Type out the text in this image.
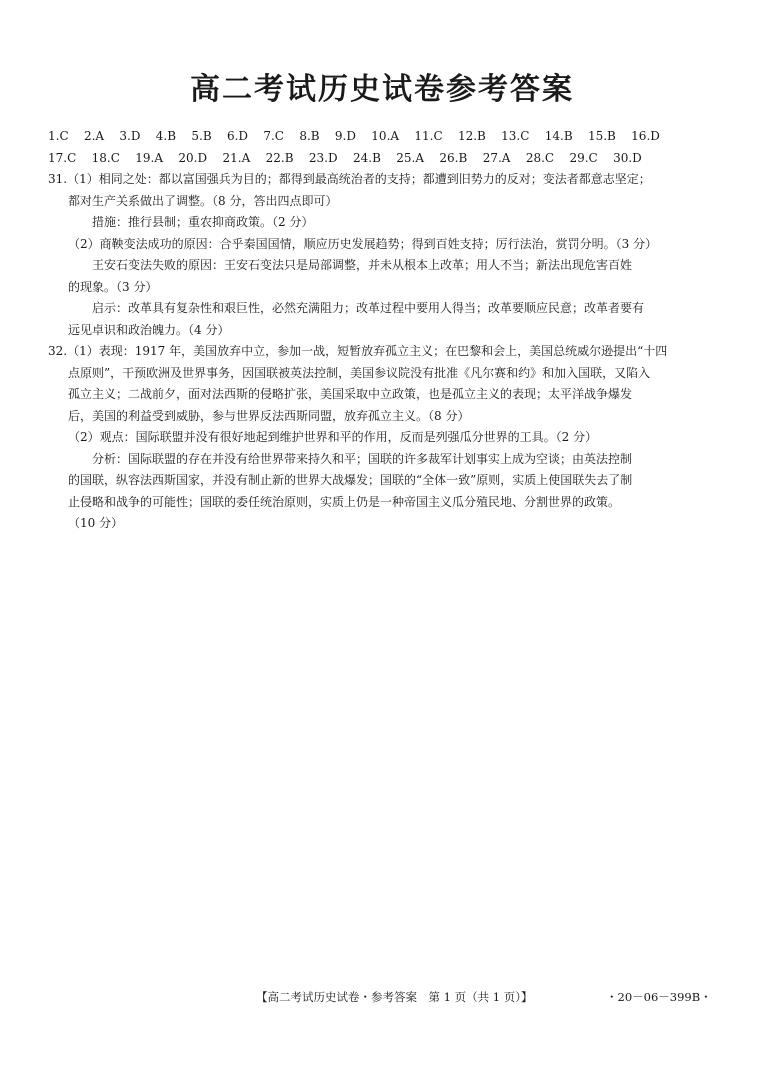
高二考试历史试卷参考答案
1.C 2.A 3.D 4.B 5.B 6.D 7.C 8.B 9.D 10.A 11.C 12.B 13.C 14.B 15.B 16.D
17.C 18.C 19.A 20.D 21.A 22.B 23.D 24.B 25.A 26.B 27.A 28.C 29.C 30.D
31.（1）相同之处：都以富国强兵为目的；都得到最高统治者的支持；都遭到旧势力的反对；变法者都意志坚定；
都对生产关系做出了调整。（8 分，答出四点即可）
措施：推行县制；重农抑商政策。（2 分）
（2）商鞅变法成功的原因：合乎秦国国情，顺应历史发展趋势；得到百姓支持；厉行法治，赏罚分明。（3 分）
王安石变法失败的原因：王安石变法只是局部调整，并未从根本上改革；用人不当；新法出现危害百姓
的现象。（3 分）
启示：改革具有复杂性和艰巨性，必然充满阻力；改革过程中要用人得当；改革要顺应民意；改革者要有
远见卓识和政治魄力。（4 分）
32.（1）表现：1917 年，美国放弃中立，参加一战，短暂放弃孤立主义；在巴黎和会上，美国总统威尔逊提出“十四
点原则”，干预欧洲及世界事务，因国联被英法控制，美国参议院没有批准《凡尔赛和约》和加入国联，又陷入
孤立主义；二战前夕，面对法西斯的侵略扩张，美国采取中立政策，也是孤立主义的表现；太平洋战争爆发
后，美国的利益受到威胁，参与世界反法西斯同盟，放弃孤立主义。（8 分）
（2）观点：国际联盟并没有很好地起到维护世界和平的作用，反而是列强瓜分世界的工具。（2 分）
分析：国际联盟的存在并没有给世界带来持久和平；国联的许多裁军计划事实上成为空谈；由英法控制
的国联，纵容法西斯国家，并没有制止新的世界大战爆发；国联的“全体一致”原则，实质上使国联失去了制
止侵略和战争的可能性；国联的委任统治原则，实质上仍是一种帝国主义瓜分殖民地、分割世界的政策。
（10 分）
【高二考试历史试卷・参考答案　第 1 页（共 1 页）】	・20－06－399B・
